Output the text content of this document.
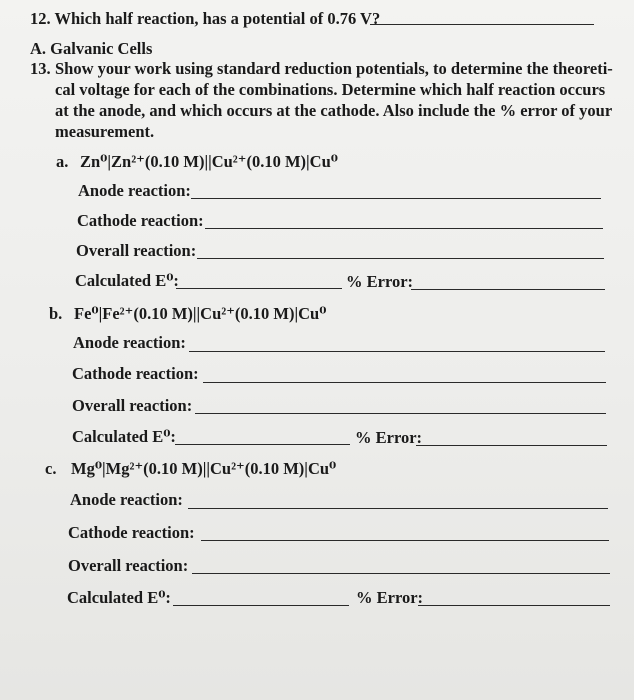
12. Which half reaction, has a potential of 0.76 V?
A. Galvanic Cells
13. Show your work using standard reduction potentials, to determine the theoreti-
cal voltage for each of the combinations. Determine which half reaction occurs
at the anode, and which occurs at the cathode. Also include the % error of your
measurement.
a. Zn⁰|Zn²⁺(0.10 M)||Cu²⁺(0.10 M)|Cu⁰
Anode reaction:
Cathode reaction:
Overall reaction:
Calculated E⁰:	% Error:
b. Fe⁰|Fe²⁺(0.10 M)||Cu²⁺(0.10 M)|Cu⁰
Anode reaction:
Cathode reaction:
Overall reaction:
Calculated E⁰:	% Error:
c. Mg⁰|Mg²⁺(0.10 M)||Cu²⁺(0.10 M)|Cu⁰
Anode reaction:
Cathode reaction:
Overall reaction:
Calculated E⁰:	% Error:
